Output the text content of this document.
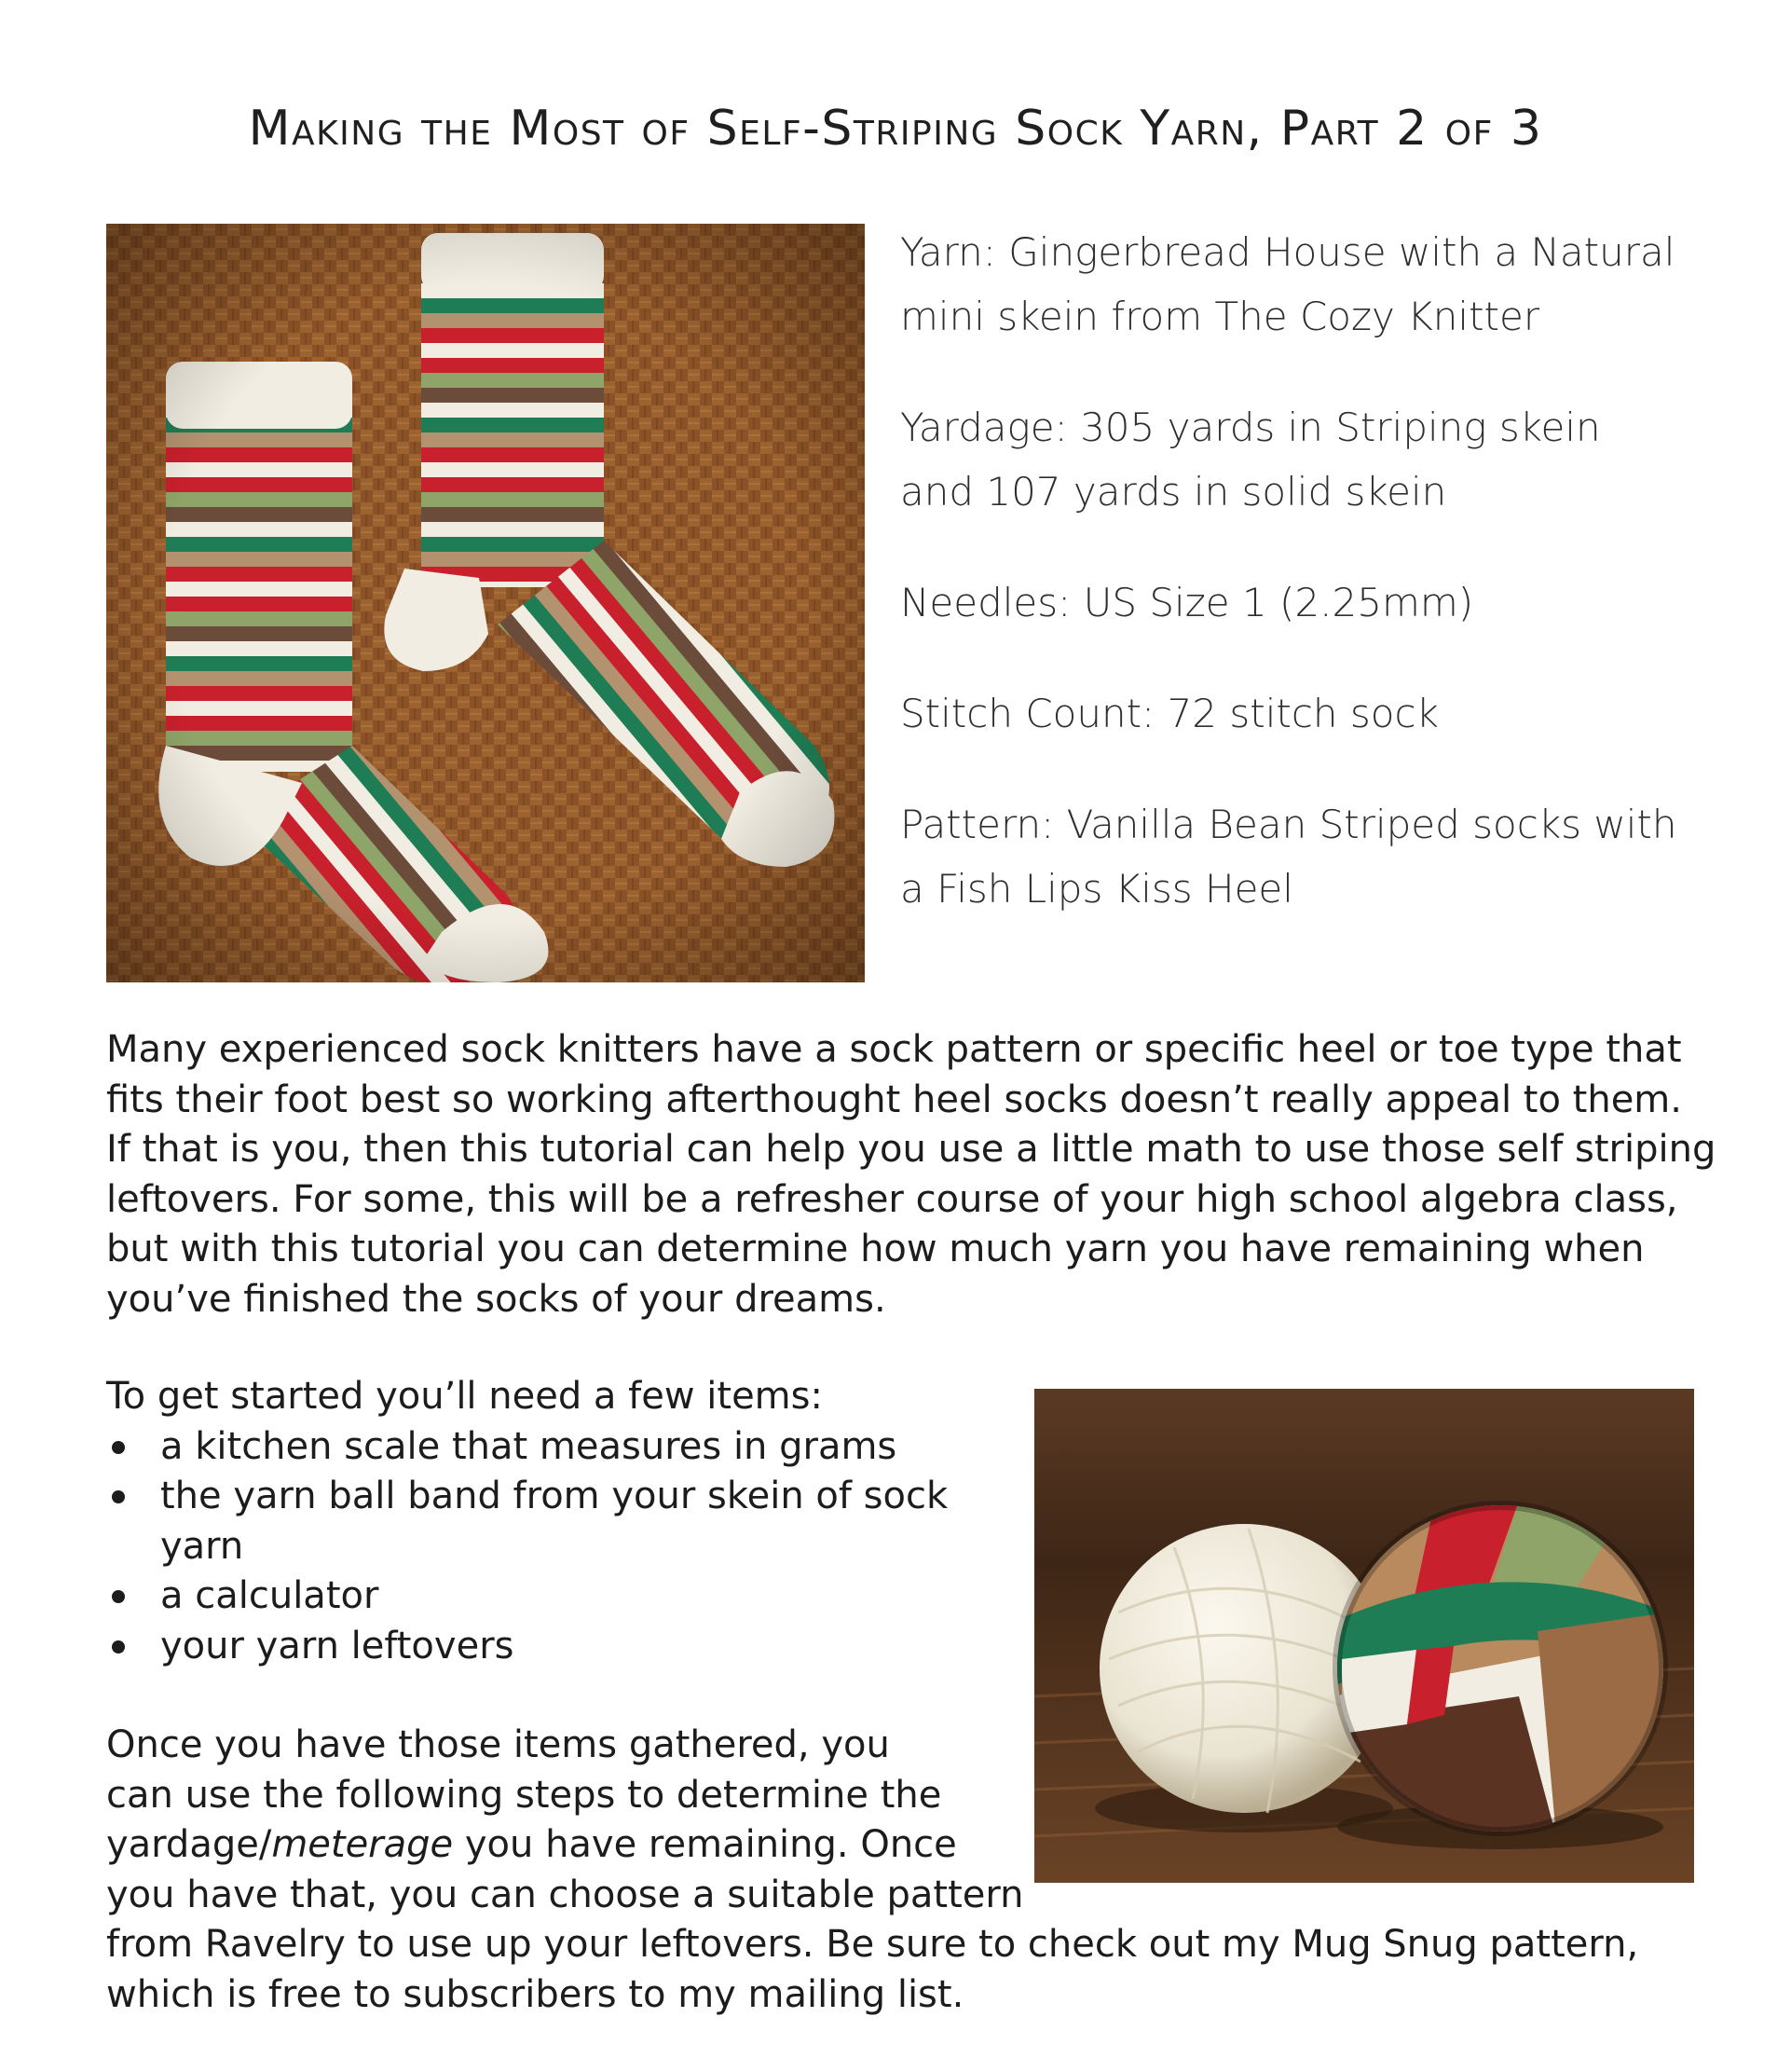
Making the Most of Self-Striping Sock Yarn, Part 2 of 3

Yarn: Gingerbread House with a Natural
mini skein from The Cozy Knitter

Yardage: 305 yards in Striping skein
and 107 yards in solid skein

Needles: US Size 1 (2.25mm)

Stitch Count: 72 stitch sock

Pattern: Vanilla Bean Striped socks with
a Fish Lips Kiss Heel

Many experienced sock knitters have a sock pattern or specific heel or toe type that
fits their foot best so working afterthought heel socks doesn’t really appeal to them.
If that is you, then this tutorial can help you use a little math to use those self striping
leftovers. For some, this will be a refresher course of your high school algebra class,
but with this tutorial you can determine how much yarn you have remaining when
you’ve finished the socks of your dreams.
To get started you’ll need a few items:
a kitchen scale that measures in grams
the yarn ball band from your skein of sock
yarn
a calculator
your yarn leftovers
Once you have those items gathered, you
can use the following steps to determine the
yardage/meterage you have remaining. Once
you have that, you can choose a suitable pattern
from Ravelry to use up your leftovers. Be sure to check out my Mug Snug pattern,
which is free to subscribers to my mailing list.
